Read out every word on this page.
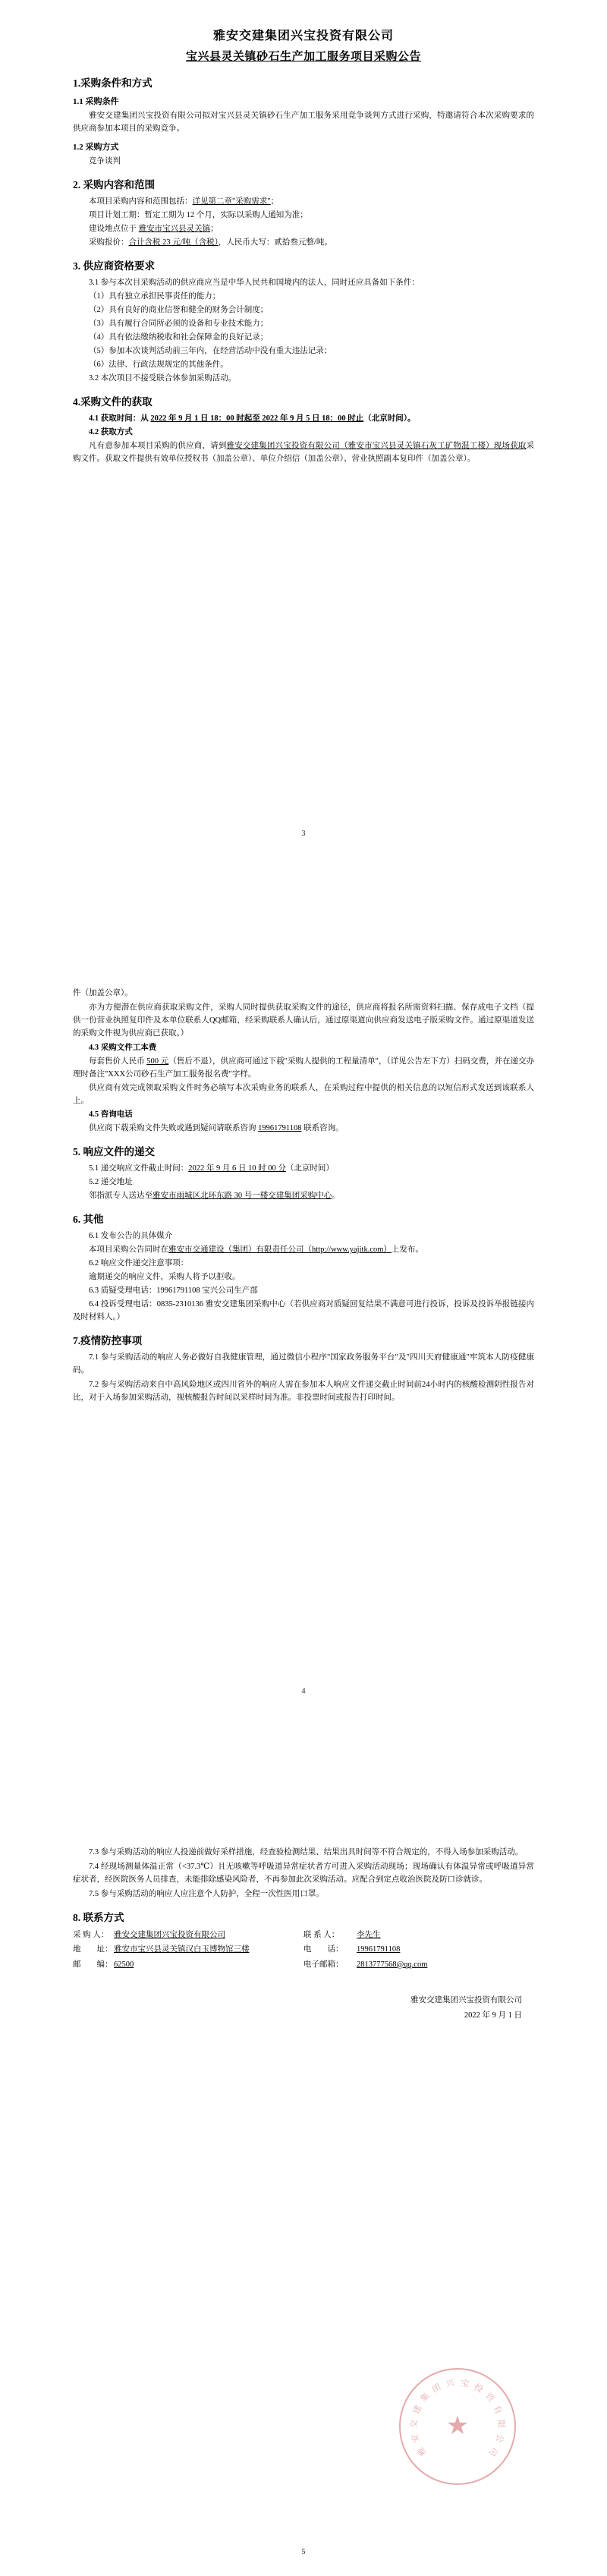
雅安交建集团兴宝投资有限公司
宝兴县灵关镇砂石生产加工服务项目采购公告
1.采购条件和方式
1.1 采购条件

雅安交建集团兴宝投资有限公司拟对宝兴县灵关镇砂石生产加工服务采用竞争谈判方式进行采购，特邀请符合本次采购要求的供应商参加本项目的采购竞争。

1.2 采购方式

竞争谈判

2. 采购内容和范围

本项目采购内容和范围包括：详见第二章"采购需求"；

项目计划工期：暂定工期为 12 个月，实际以采购人通知为准；

建设地点位于 雅安市宝兴县灵关镇；

采购报价：合计含税 23 元/吨（含税），人民币大写：贰拾叁元整/吨。

3. 供应商资格要求

3.1 参与本次目采购活动的供应商应当是中华人民共和国境内的法人，同时还应具备如下条件：

（1）具有独立承担民事责任的能力；

（2）具有良好的商业信誉和健全的财务会计制度；

（3）具有履行合同所必须的设备和专业技术能力；

（4）具有依法缴纳税收和社会保障金的良好记录；

（5）参加本次谈判活动前三年内，在经营活动中没有重大违法记录；

（6）法律、行政法规规定的其他条件。

3.2 本次项目不接受联合体参加采购活动。

4.采购文件的获取

4.1 获取时间：从 2022 年 9 月 1 日 18：00 时起至 2022 年 9 月 5 日 18：00 时止（北京时间）。

4.2 获取方式

凡有意参加本项目采购的供应商，请到雅安交建集团兴宝投资有限公司（雅安市宝兴县灵关镇石灰工矿物混工楼）现场获取采购文件。获取文件提供有效单位授权书（加盖公章）、单位介绍信（加盖公章）、营业执照副本复印件（加盖公章）。

3

件（加盖公章）。

亦为方便潜在供应商获取采购文件，采购人同时提供获取采购文件的途径，供应商将报名所需资料扫描、保存成电子文档（提供一份营业执照复印件及本单位联系人QQ邮箱，经采购联系人确认后，通过原渠道向供应商发送电子版采购文件。通过原渠道发送的采购文件视为供应商已获取。）

4.3 采购文件工本费

每套售价人民币 500 元（售后不退），供应商可通过下载"采购人提供的工程量清单"，（详见公告左下方）扫码交费，并在递交办理时备注"XXX公司砂石生产加工服务报名费"字样。

供应商有效完成领取采购文件时务必填写本次采购业务的联系人，在采购过程中提供的相关信息的以短信形式发送到该联系人上。

4.5 咨询电话

供应商下载采购文件失败或遇到疑问请联系咨询 19961791108 联系咨询。

5. 响应文件的递交

5.1 递交响应文件截止时间：2022 年 9 月 6 日 10 时 00 分（北京时间）

5.2 递交地址

邻指派专人送达至雅安市雨城区北环东路 30 号一楼交建集团采购中心。

6. 其他

6.1 发布公告的具体媒介

本项目采购公告同时在雅安市交通建设（集团）有限责任公司（http://www.yajitk.com）上发布。

6.2 响应文件递交注意事项：

逾期递交的响应文件，采购人将予以拒收。

6.3 质疑受理电话：19961791108 宝兴公司生产部

6.4 投诉受理电话：0835-2310136 雅安交建集团采购中心（若供应商对质疑回复结果不满意可进行投诉，投诉及投诉举报链接内及时材料人。）

7.疫情防控事项

7.1 参与采购活动的响应人务必做好自我健康管理，通过微信小程序"国家政务服务平台"及"四川天府健康通"牢筑本人防疫健康码。

7.2 参与采购活动来自中高风险地区或四川省外的响应人需在参加本人响应文件递交截止时间前24小时内的核酸检测阴性报告对比，对于入场参加采购活动，视核酸报告时间以采样时间为准。非投票时间或报告打印时间。

4

7.3 参与采购活动的响应人投递前做好采样措施，经查验检测结果、结果出具时间等不符合规定的，不得入场参加采购活动。

7.4 经现场测量体温正常（<37.3℃）且无咳嗽等呼吸道异常症状者方可进入采购活动现场；现场确认有体温异常或呼吸道异常症状者，经医院医务人员排查，未能排除感染风险者，不再参加此次采购活动。应配合到定点收治医院及防口诊就诊。

7.5 参与采购活动的响应人应注意个人防护，全程一次性医用口罩。

8. 联系方式
采 购 人：	雅安交建集团兴宝投资有限公司	联 系 人：	李先生
地　　址：	雅安市宝兴县灵关镇汉白玉博物馆三楼	电　　话：	19961791108
邮　　编：	62500	电子邮箱：	2813777568@qq.com
雅安交建集团兴宝投资有限公司
2022 年 9 月 1 日
★
雅
安
交
建
集
团 兴 宝 投
资
有
限
公
司
5
